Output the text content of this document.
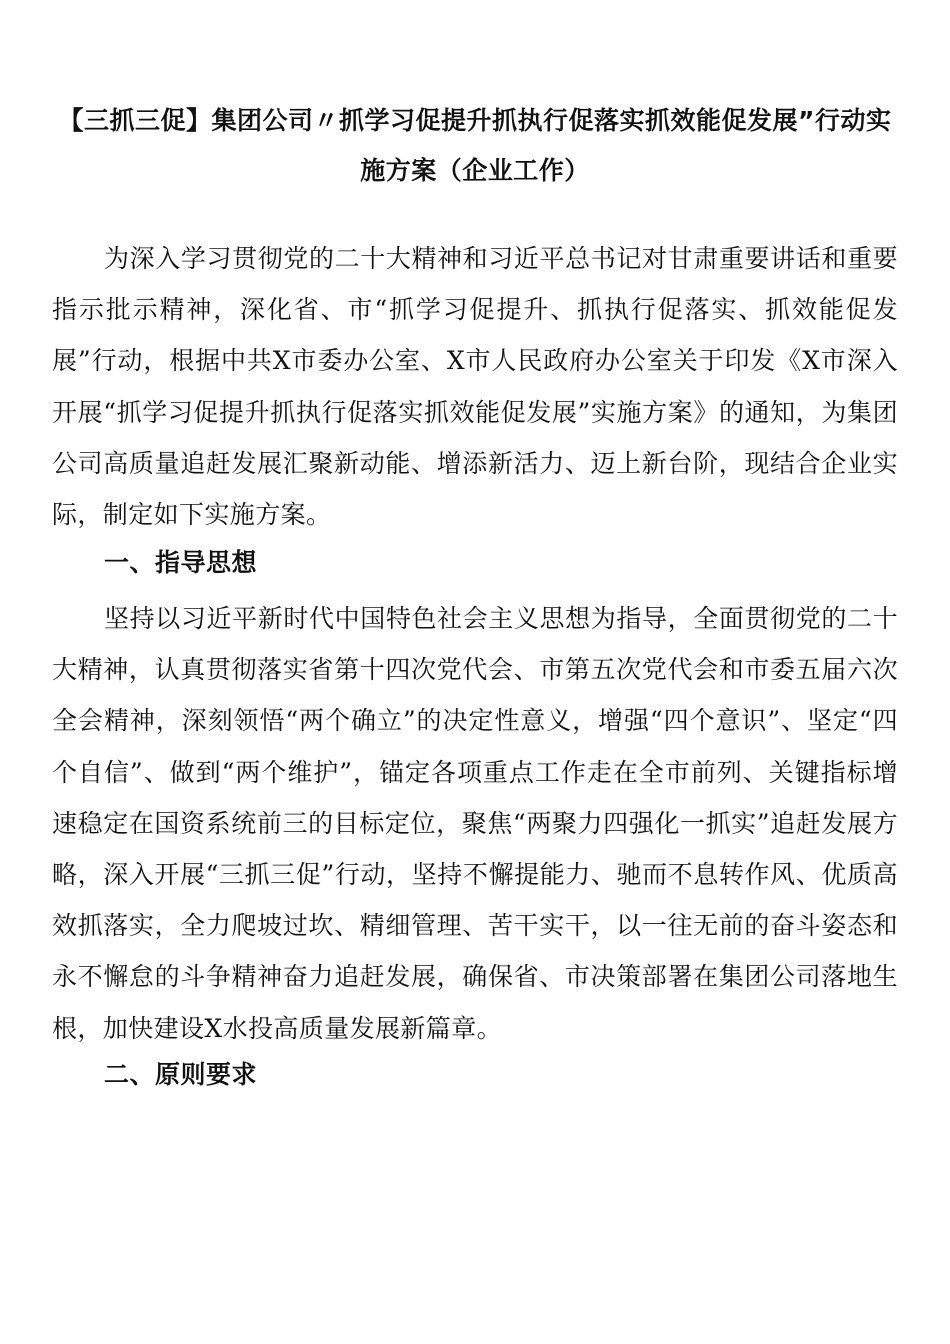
【三抓三促】集团公司〃抓学习促提升抓执行促落实抓效能促发展”行动实施方案（企业工作）
为深入学习贯彻党的二十大精神和习近平总书记对甘肃重要讲话和重要指示批示精神，深化省、市“抓学习促提升、抓执行促落实、抓效能促发展”行动，根据中共X市委办公室、X市人民政府办公室关于印发《X市深入开展“抓学习促提升抓执行促落实抓效能促发展”实施方案》的通知，为集团公司高质量追赶发展汇聚新动能、增添新活力、迈上新台阶，现结合企业实际，制定如下实施方案。
一、指导思想
坚持以习近平新时代中国特色社会主义思想为指导，全面贯彻党的二十大精神，认真贯彻落实省第十四次党代会、市第五次党代会和市委五届六次全会精神，深刻领悟“两个确立”的决定性意义，增强“四个意识”、坚定“四个自信”、做到“两个维护”，锚定各项重点工作走在全市前列、关键指标增速稳定在国资系统前三的目标定位，聚焦“两聚力四强化一抓实”追赶发展方略，深入开展“三抓三促”行动，坚持不懈提能力、驰而不息转作风、优质高效抓落实，全力爬坡过坎、精细管理、苦干实干，以一往无前的奋斗姿态和永不懈怠的斗争精神奋力追赶发展，确保省、市决策部署在集团公司落地生根，加快建设X水投高质量发展新篇章。
二、原则要求
